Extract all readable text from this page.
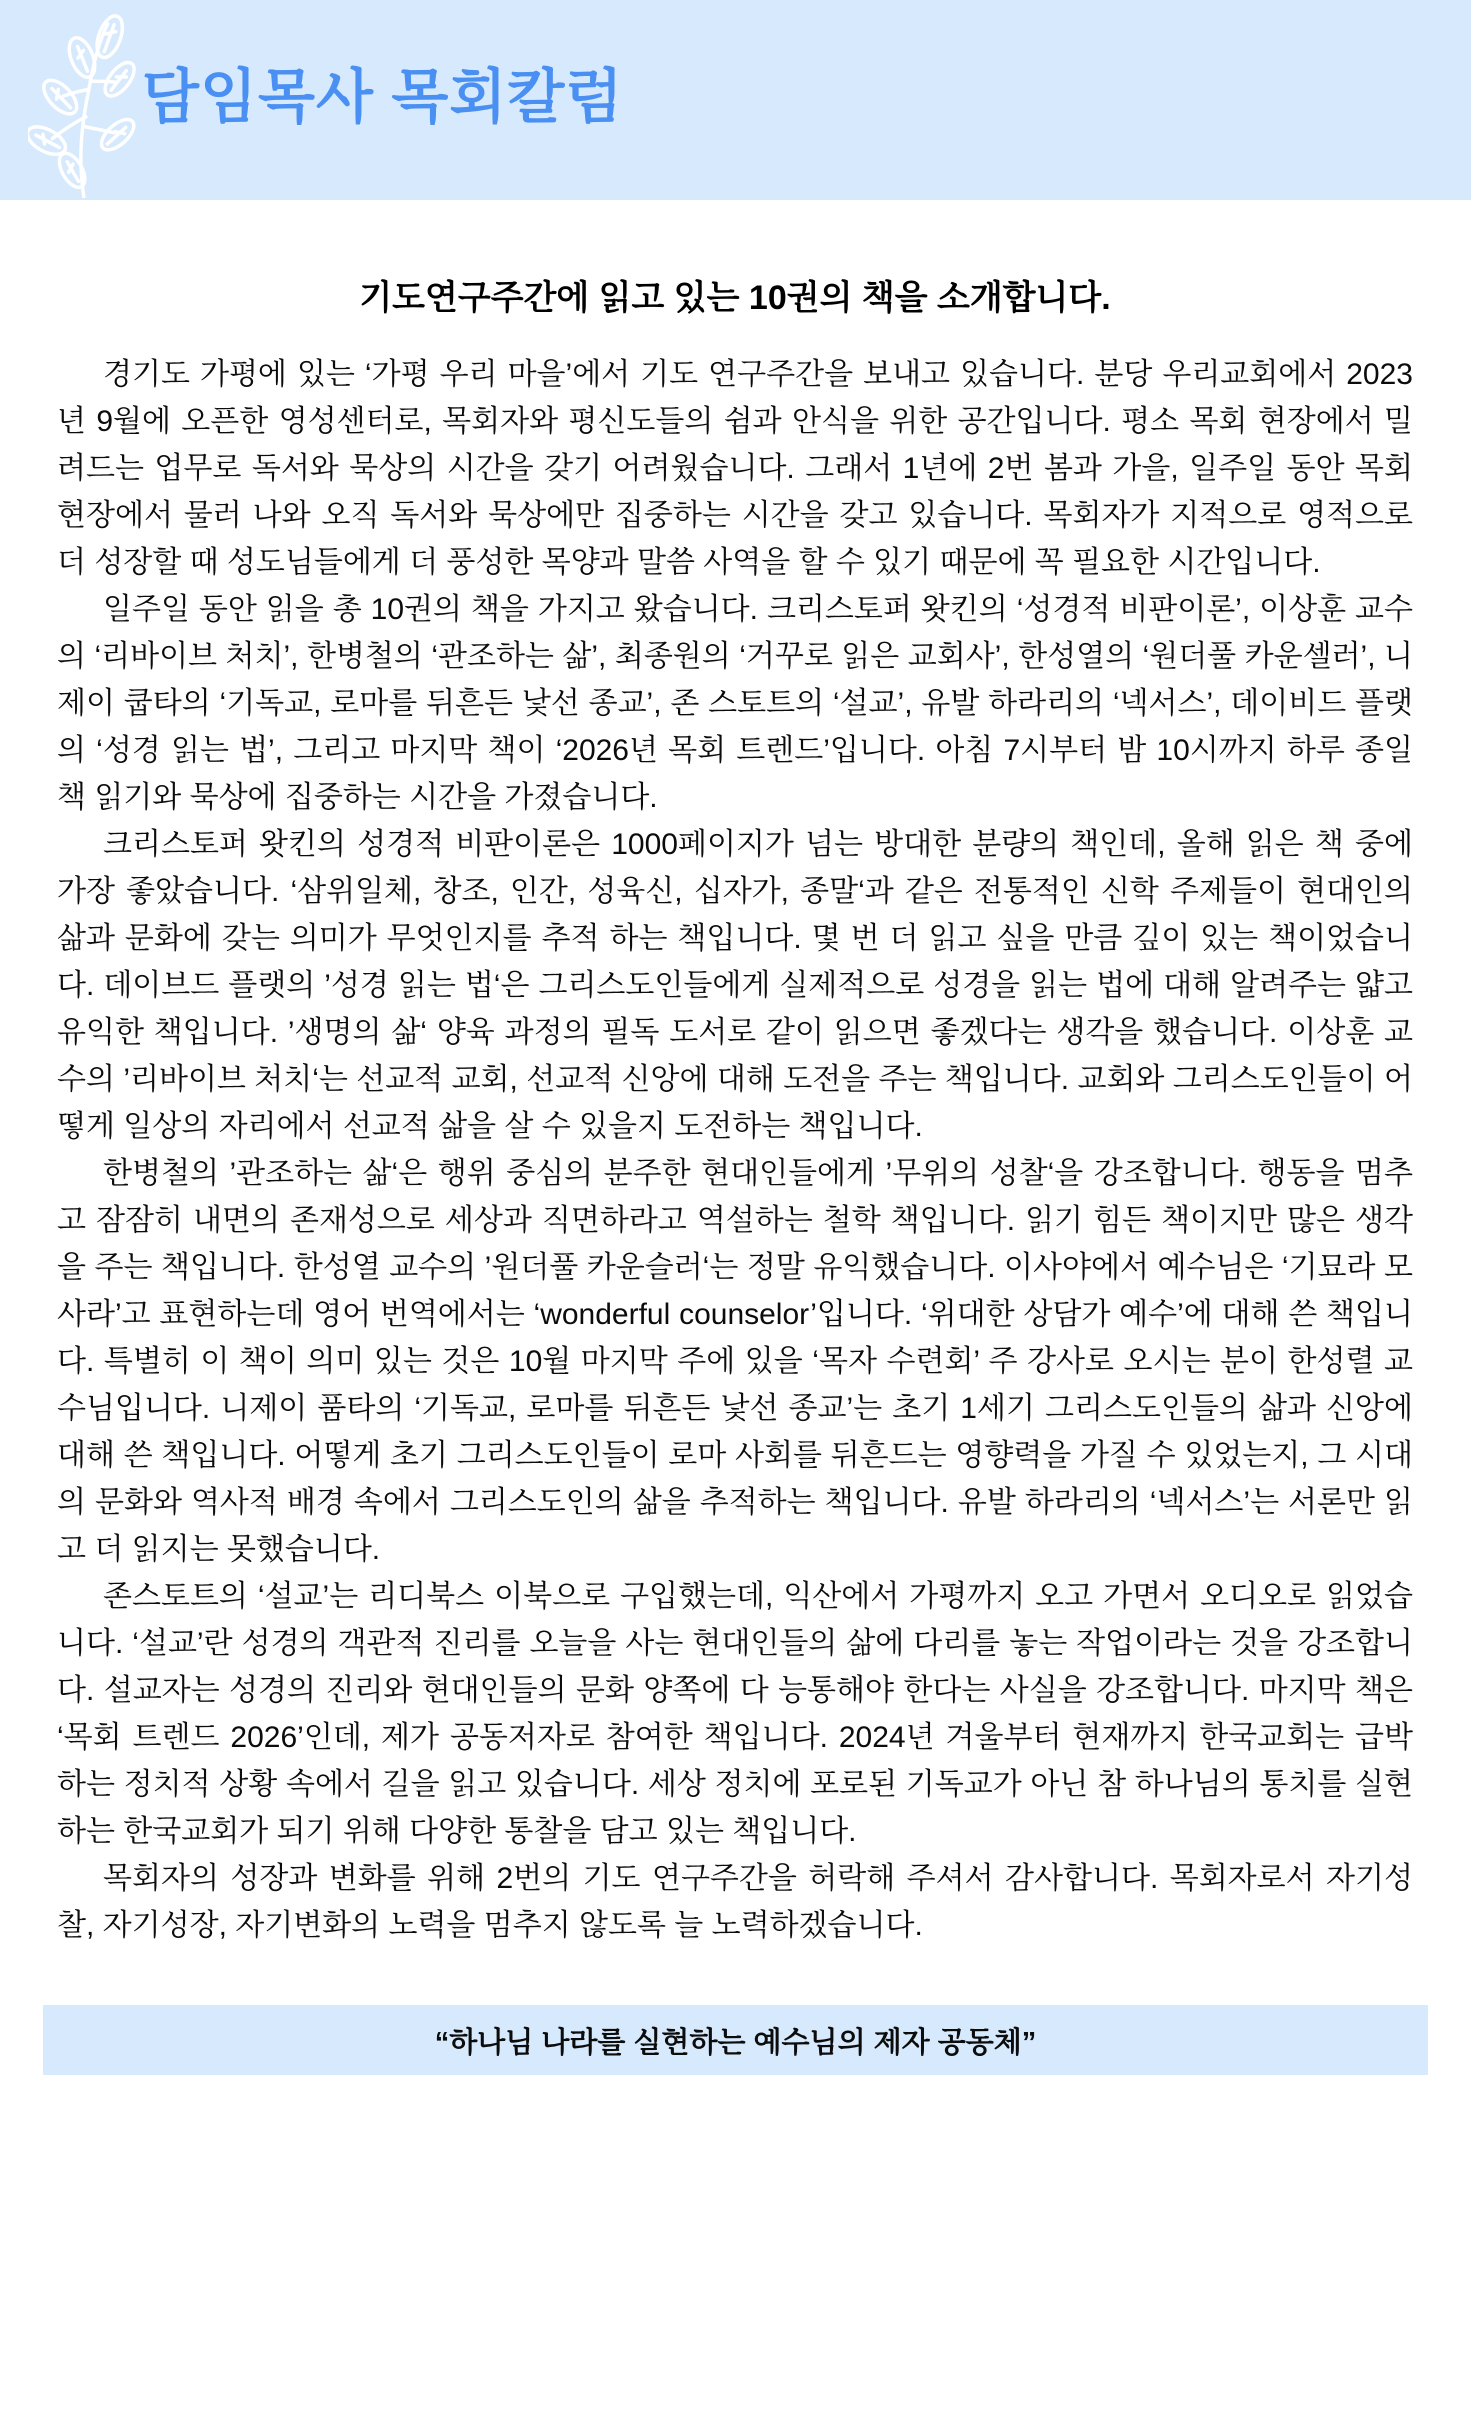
담임목사 목회칼럼
기도연구주간에 읽고 있는 10권의 책을 소개합니다.

경기도 가평에 있는 ‘가평 우리 마을’에서 기도 연구주간을 보내고 있습니다. 분당 우리교회에서 2023년 9월에 오픈한 영성센터로, 목회자와 평신도들의 쉼과 안식을 위한 공간입니다. 평소 목회 현장에서 밀려드는 업무로 독서와 묵상의 시간을 갖기 어려웠습니다. 그래서 1년에 2번 봄과 가을, 일주일 동안 목회 현장에서 물러 나와 오직 독서와 묵상에만 집중하는 시간을 갖고 있습니다. 목회자가 지적으로 영적으로 더 성장할 때 성도님들에게 더 풍성한 목양과 말씀 사역을 할 수 있기 때문에 꼭 필요한 시간입니다.

일주일 동안 읽을 총 10권의 책을 가지고 왔습니다. 크리스토퍼 왓킨의 ‘성경적 비판이론’, 이상훈 교수의 ‘리바이브 처치’, 한병철의 ‘관조하는 삶’, 최종원의 ‘거꾸로 읽은 교회사’, 한성열의 ‘원더풀 카운셀러’, 니제이 쿱타의 ‘기독교, 로마를 뒤흔든 낯선 종교’, 존 스토트의 ‘설교’, 유발 하라리의 ‘넥서스’, 데이비드 플랫의 ‘성경 읽는 법’, 그리고 마지막 책이 ‘2026년 목회 트렌드’입니다. 아침 7시부터 밤 10시까지 하루 종일 책 읽기와 묵상에 집중하는 시간을 가졌습니다.

크리스토퍼 왓킨의 성경적 비판이론은 1000페이지가 넘는 방대한 분량의 책인데, 올해 읽은 책 중에 가장 좋았습니다. ‘삼위일체, 창조, 인간, 성육신, 십자가, 종말‘과 같은 전통적인 신학 주제들이 현대인의 삶과 문화에 갖는 의미가 무엇인지를 추적 하는 책입니다. 몇 번 더 읽고 싶을 만큼 깊이 있는 책이었습니다. 데이브드 플랫의 ’성경 읽는 법‘은 그리스도인들에게 실제적으로 성경을 읽는 법에 대해 알려주는 얇고 유익한 책입니다. ’생명의 삶‘ 양육 과정의 필독 도서로 같이 읽으면 좋겠다는 생각을 했습니다. 이상훈 교수의 ’리바이브 처치‘는 선교적 교회, 선교적 신앙에 대해 도전을 주는 책입니다. 교회와 그리스도인들이 어떻게 일상의 자리에서 선교적 삶을 살 수 있을지 도전하는 책입니다.

한병철의 ’관조하는 삶‘은 행위 중심의 분주한 현대인들에게 ’무위의 성찰‘을 강조합니다. 행동을 멈추고 잠잠히 내면의 존재성으로 세상과 직면하라고 역설하는 철학 책입니다. 읽기 힘든 책이지만 많은 생각을 주는 책입니다. 한성열 교수의 ’원더풀 카운슬러‘는 정말 유익했습니다. 이사야에서 예수님은 ‘기묘라 모사라’고 표현하는데 영어 번역에서는 ‘wonderful counselor’입니다. ‘위대한 상담가 예수’에 대해 쓴 책입니다. 특별히 이 책이 의미 있는 것은 10월 마지막 주에 있을 ‘목자 수련회’ 주 강사로 오시는 분이 한성렬 교수님입니다. 니제이 품타의 ‘기독교, 로마를 뒤흔든 낯선 종교’는 초기 1세기 그리스도인들의 삶과 신앙에 대해 쓴 책입니다. 어떻게 초기 그리스도인들이 로마 사회를 뒤흔드는 영향력을 가질 수 있었는지, 그 시대의 문화와 역사적 배경 속에서 그리스도인의 삶을 추적하는 책입니다. 유발 하라리의 ‘넥서스’는 서론만 읽고 더 읽지는 못했습니다.

존스토트의 ‘설교’는 리디북스 이북으로 구입했는데, 익산에서 가평까지 오고 가면서 오디오로 읽었습니다. ‘설교’란 성경의 객관적 진리를 오늘을 사는 현대인들의 삶에 다리를 놓는 작업이라는 것을 강조합니다. 설교자는 성경의 진리와 현대인들의 문화 양쪽에 다 능통해야 한다는 사실을 강조합니다. 마지막 책은 ‘목회 트렌드 2026’인데, 제가 공동저자로 참여한 책입니다. 2024년 겨울부터 현재까지 한국교회는 급박하는 정치적 상황 속에서 길을 읽고 있습니다. 세상 정치에 포로된 기독교가 아닌 참 하나님의 통치를 실현하는 한국교회가 되기 위해 다양한 통찰을 담고 있는 책입니다.

목회자의 성장과 변화를 위해 2번의 기도 연구주간을 허락해 주셔서 감사합니다. 목회자로서 자기성찰, 자기성장, 자기변화의 노력을 멈추지 않도록 늘 노력하겠습니다.

“하나님 나라를 실현하는 예수님의 제자 공동체”
